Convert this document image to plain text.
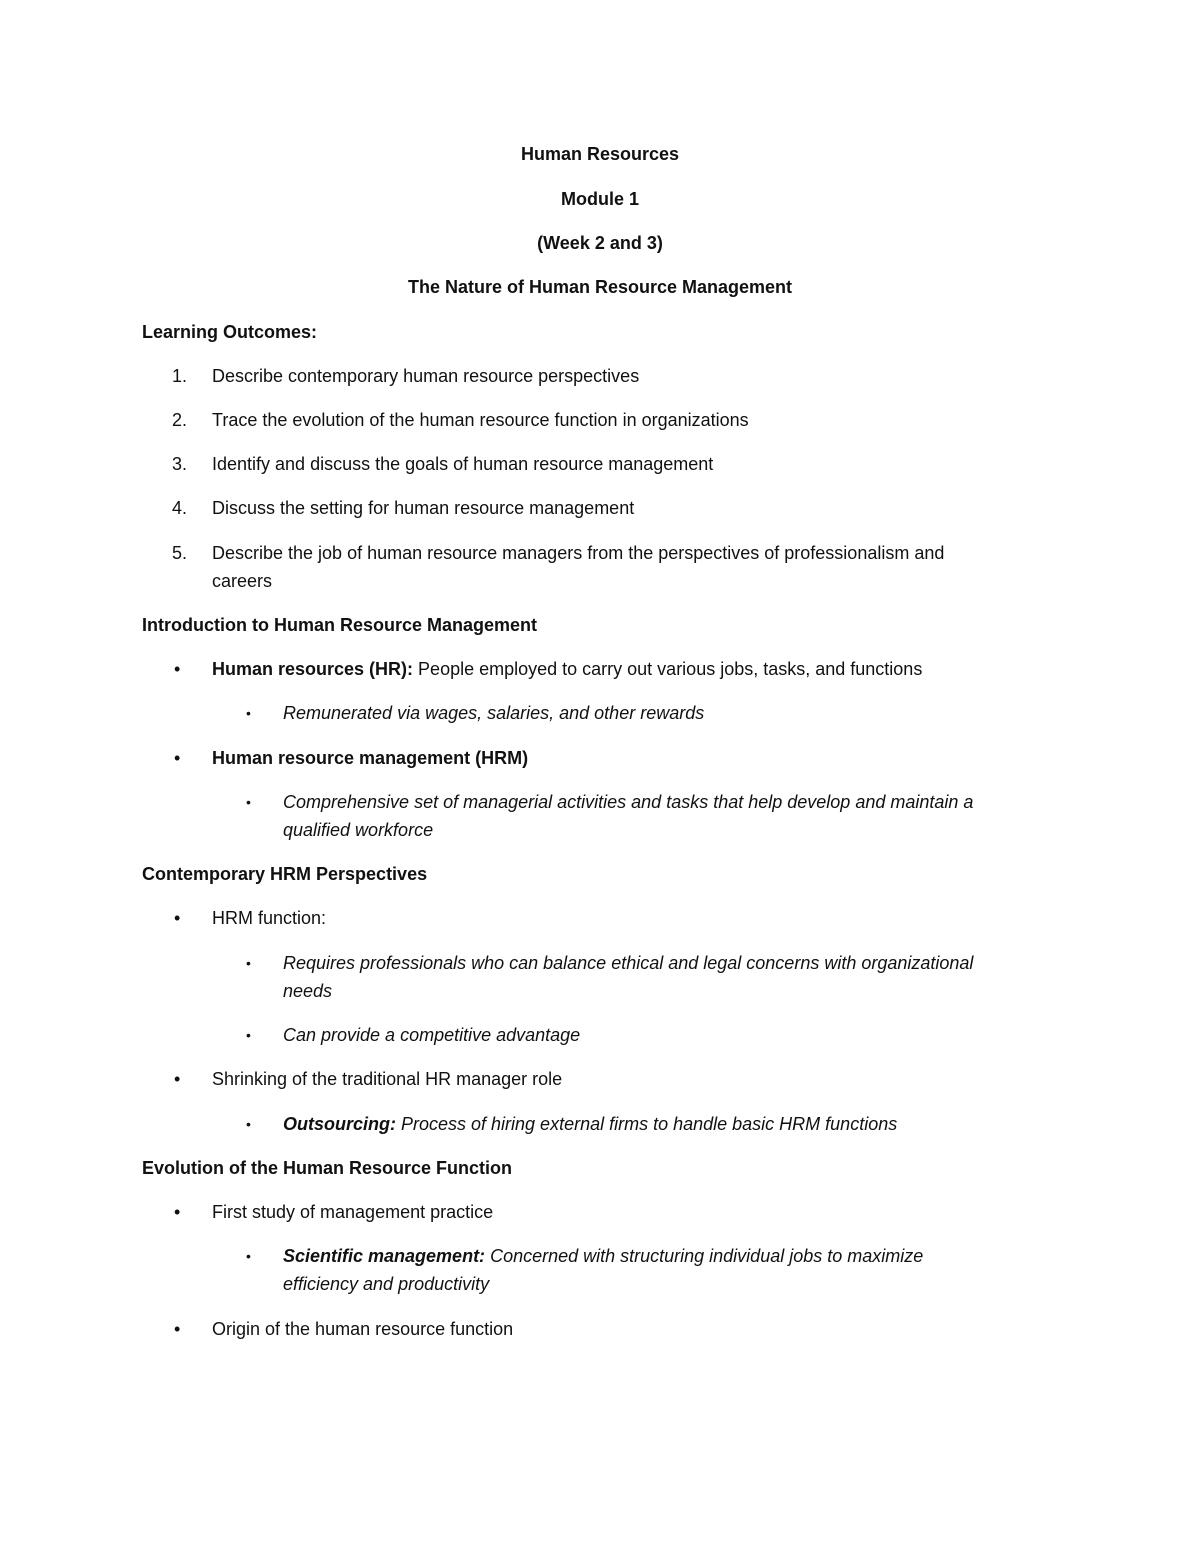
Human Resources
Module 1
(Week 2 and 3)
The Nature of Human Resource Management
Learning Outcomes:
1. Describe contemporary human resource perspectives
2. Trace the evolution of the human resource function in organizations
3. Identify and discuss the goals of human resource management
4. Discuss the setting for human resource management
5. Describe the job of human resource managers from the perspectives of professionalism and
careers
Introduction to Human Resource Management
• Human resources (HR): People employed to carry out various jobs, tasks, and functions
• Remunerated via wages, salaries, and other rewards
• Human resource management (HRM)
• Comprehensive set of managerial activities and tasks that help develop and maintain a
qualified workforce
Contemporary HRM Perspectives
• HRM function:
• Requires professionals who can balance ethical and legal concerns with organizational
needs
• Can provide a competitive advantage
• Shrinking of the traditional HR manager role
• Outsourcing: Process of hiring external firms to handle basic HRM functions
Evolution of the Human Resource Function
• First study of management practice
• Scientific management: Concerned with structuring individual jobs to maximize
efficiency and productivity
• Origin of the human resource function
